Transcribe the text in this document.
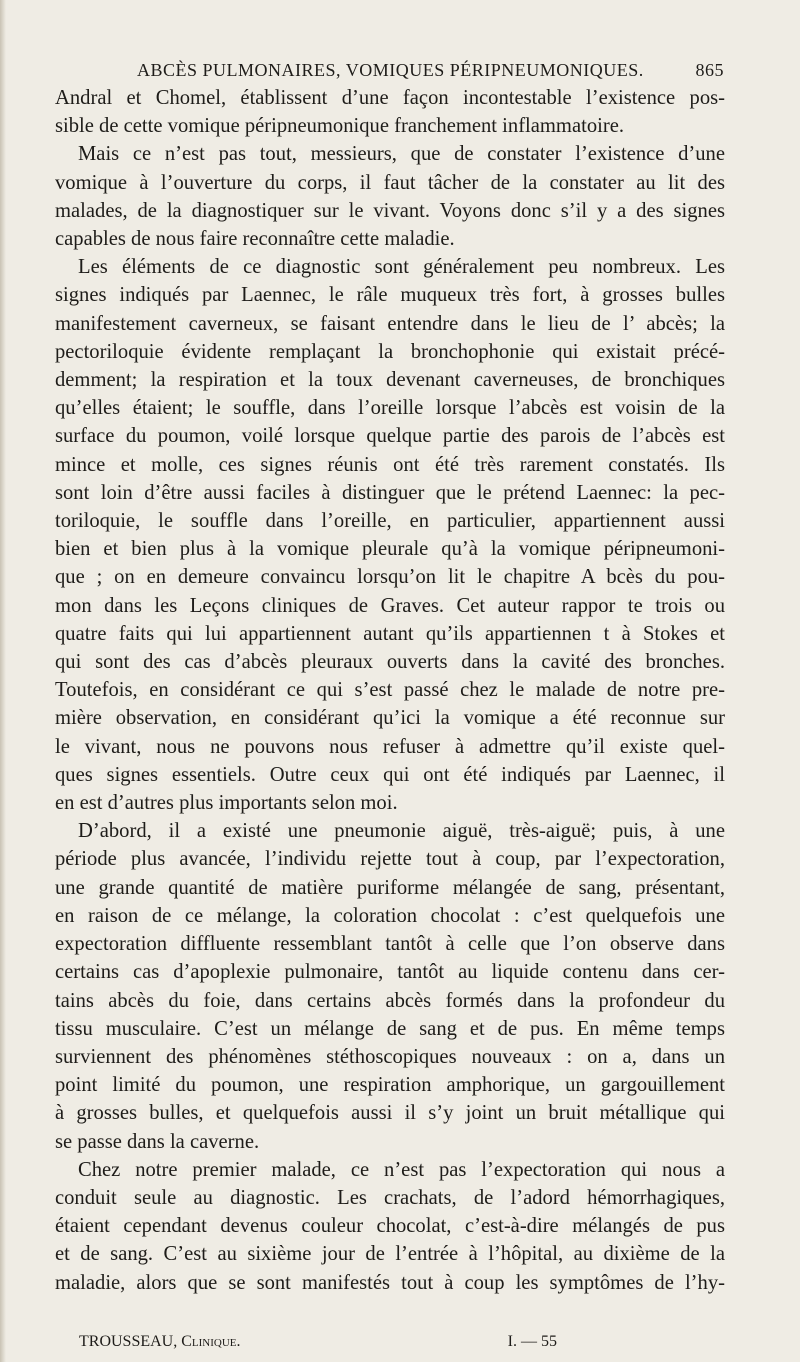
ABCÈS PULMONAIRES, VOMIQUES PÉRIPNEUMONIQUES.	865
Andral et Chomel, établissent d’une façon incontestable l’existence pos-
sible de cette vomique péripneumonique franchement inflammatoire.
Mais ce n’est pas tout, messieurs, que de constater l’existence d’une
vomique à l’ouverture du corps, il faut tâcher de la constater au lit des
malades, de la diagnostiquer sur le vivant. Voyons donc s’il y a des signes
capables de nous faire reconnaître cette maladie.
Les éléments de ce diagnostic sont généralement peu nombreux. Les
signes indiqués par Laennec, le râle muqueux très fort, à grosses bulles
manifestement caverneux, se faisant entendre dans le lieu de l’ abcès; la
pectoriloquie évidente remplaçant la bronchophonie qui existait précé-
demment; la respiration et la toux devenant caverneuses, de bronchiques
qu’elles étaient; le souffle, dans l’oreille lorsque l’abcès est voisin de la
surface du poumon, voilé lorsque quelque partie des parois de l’abcès est
mince et molle, ces signes réunis ont été très rarement constatés. Ils
sont loin d’être aussi faciles à distinguer que le prétend Laennec: la pec-
toriloquie, le souffle dans l’oreille, en particulier, appartiennent aussi
bien et bien plus à la vomique pleurale qu’à la vomique péripneumoni-
que ; on en demeure convaincu lorsqu’on lit le chapitre A bcès du pou-
mon dans les Leçons cliniques de Graves. Cet auteur rappor te trois ou
quatre faits qui lui appartiennent autant qu’ils appartiennen t à Stokes et
qui sont des cas d’abcès pleuraux ouverts dans la cavité des bronches.
Toutefois, en considérant ce qui s’est passé chez le malade de notre pre-
mière observation, en considérant qu’ici la vomique a été reconnue sur
le vivant, nous ne pouvons nous refuser à admettre qu’il existe quel-
ques signes essentiels. Outre ceux qui ont été indiqués par Laennec, il
en est d’autres plus importants selon moi.
D’abord, il a existé une pneumonie aiguë, très-aiguë; puis, à une
période plus avancée, l’individu rejette tout à coup, par l’expectoration,
une grande quantité de matière puriforme mélangée de sang, présentant,
en raison de ce mélange, la coloration chocolat : c’est quelquefois une
expectoration diffluente ressemblant tantôt à celle que l’on observe dans
certains cas d’apoplexie pulmonaire, tantôt au liquide contenu dans cer-
tains abcès du foie, dans certains abcès formés dans la profondeur du
tissu musculaire. C’est un mélange de sang et de pus. En même temps
surviennent des phénomènes stéthoscopiques nouveaux : on a, dans un
point limité du poumon, une respiration amphorique, un gargouillement
à grosses bulles, et quelquefois aussi il s’y joint un bruit métallique qui
se passe dans la caverne.
Chez notre premier malade, ce n’est pas l’expectoration qui nous a
conduit seule au diagnostic. Les crachats, de l’adord hémorrhagiques,
étaient cependant devenus couleur chocolat, c’est-à-dire mélangés de pus
et de sang. C’est au sixième jour de l’entrée à l’hôpital, au dixième de la
maladie, alors que se sont manifestés tout à coup les symptômes de l’hy-
TROUSSEAU, Clinique.	I. — 55
